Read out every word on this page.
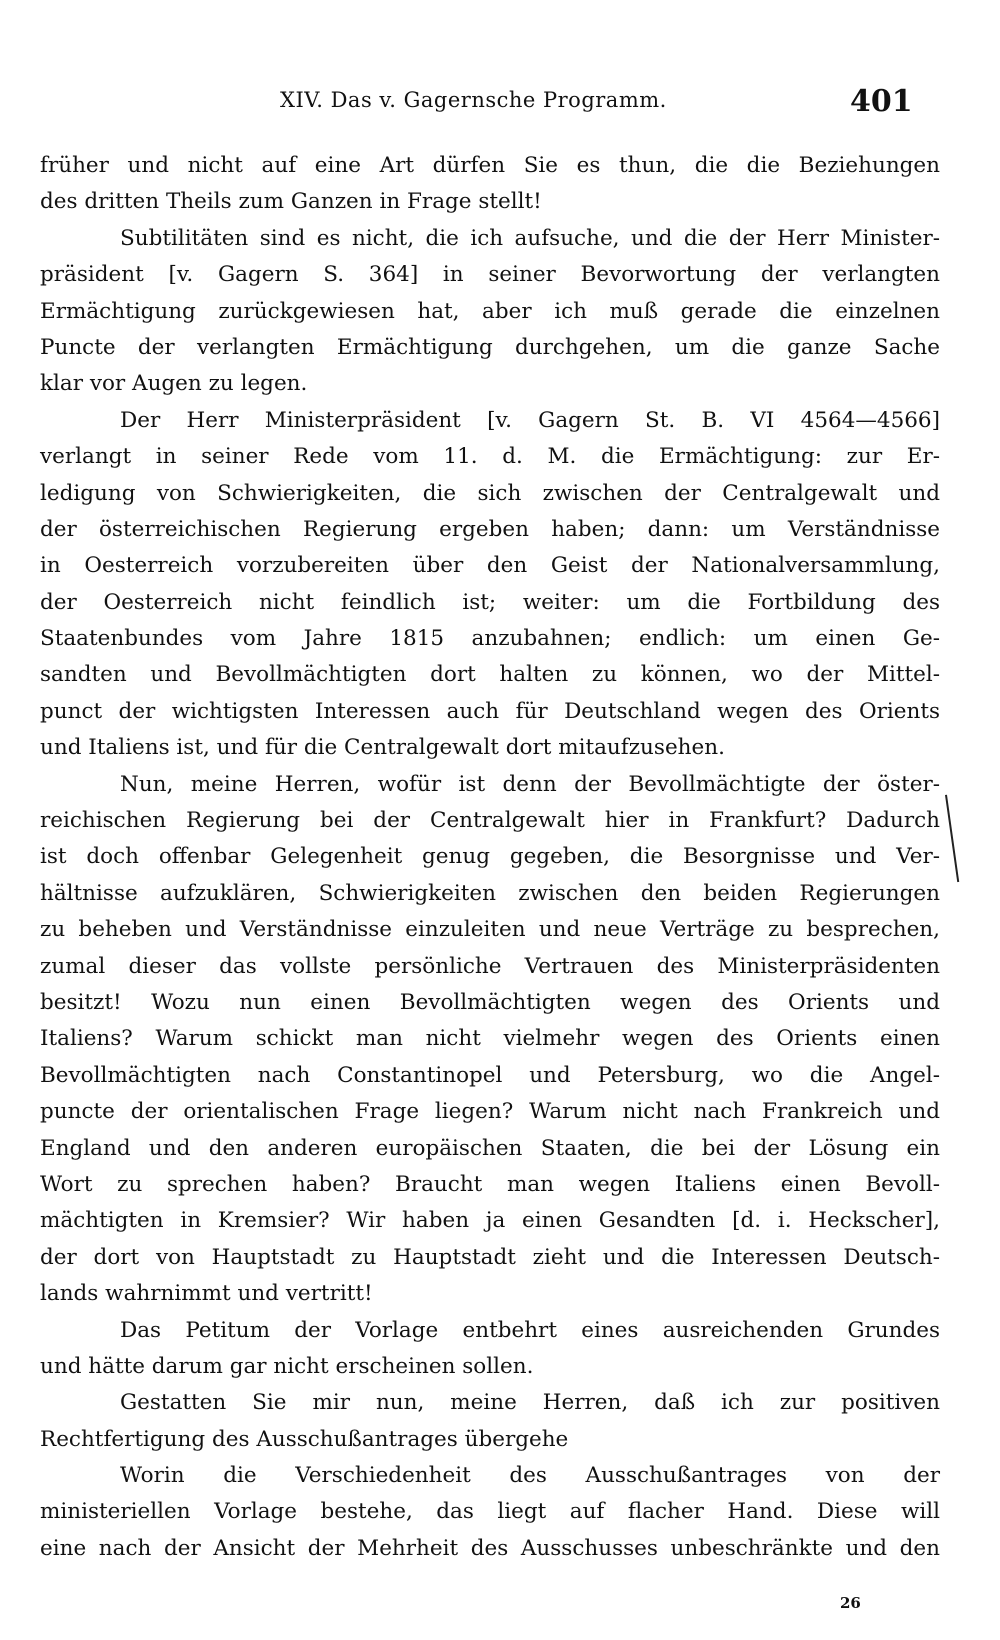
XIV. Das v. Gagernsche Programm.	401
früher und nicht auf eine Art dürfen Sie es thun, die die Beziehungen
des dritten Theils zum Ganzen in Frage stellt!
Subtilitäten sind es nicht, die ich aufsuche, und die der Herr Minister-
präsident [v. Gagern S. 364] in seiner Bevorwortung der verlangten
Ermächtigung zurückgewiesen hat, aber ich muß gerade die einzelnen
Puncte der verlangten Ermächtigung durchgehen, um die ganze Sache
klar vor Augen zu legen.
Der Herr Ministerpräsident [v. Gagern St. B. VI 4564—4566]
verlangt in seiner Rede vom 11. d. M. die Ermächtigung: zur Er-
ledigung von Schwierigkeiten, die sich zwischen der Centralgewalt und
der österreichischen Regierung ergeben haben; dann: um Verständnisse
in Oesterreich vorzubereiten über den Geist der Nationalversammlung,
der Oesterreich nicht feindlich ist; weiter: um die Fortbildung des
Staatenbundes vom Jahre 1815 anzubahnen; endlich: um einen Ge-
sandten und Bevollmächtigten dort halten zu können, wo der Mittel-
punct der wichtigsten Interessen auch für Deutschland wegen des Orients
und Italiens ist, und für die Centralgewalt dort mitaufzusehen.
Nun, meine Herren, wofür ist denn der Bevollmächtigte der öster-
reichischen Regierung bei der Centralgewalt hier in Frankfurt? Dadurch
ist doch offenbar Gelegenheit genug gegeben, die Besorgnisse und Ver-
hältnisse aufzuklären, Schwierigkeiten zwischen den beiden Regierungen
zu beheben und Verständnisse einzuleiten und neue Verträge zu besprechen,
zumal dieser das vollste persönliche Vertrauen des Ministerpräsidenten
besitzt! Wozu nun einen Bevollmächtigten wegen des Orients und
Italiens? Warum schickt man nicht vielmehr wegen des Orients einen
Bevollmächtigten nach Constantinopel und Petersburg, wo die Angel-
puncte der orientalischen Frage liegen? Warum nicht nach Frankreich und
England und den anderen europäischen Staaten, die bei der Lösung ein
Wort zu sprechen haben? Braucht man wegen Italiens einen Bevoll-
mächtigten in Kremsier? Wir haben ja einen Gesandten [d. i. Heckscher],
der dort von Hauptstadt zu Hauptstadt zieht und die Interessen Deutsch-
lands wahrnimmt und vertritt!
Das Petitum der Vorlage entbehrt eines ausreichenden Grundes
und hätte darum gar nicht erscheinen sollen.
Gestatten Sie mir nun, meine Herren, daß ich zur positiven
Rechtfertigung des Ausschußantrages übergehe
Worin die Verschiedenheit des Ausschußantrages von der
ministeriellen Vorlage bestehe, das liegt auf flacher Hand. Diese will
eine nach der Ansicht der Mehrheit des Ausschusses unbeschränkte und den
26
